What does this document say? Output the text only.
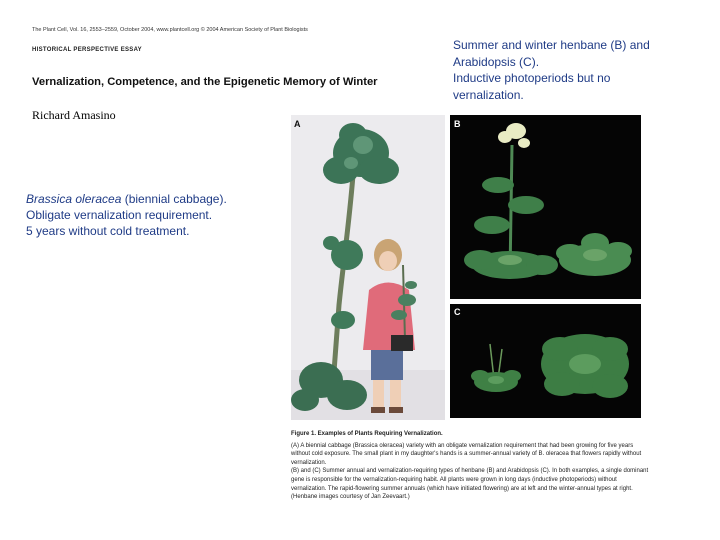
The Plant Cell, Vol. 16, 2553–2559, October 2004, www.plantcell.org © 2004 American Society of Plant Biologists
HISTORICAL PERSPECTIVE ESSAY
Vernalization, Competence, and the Epigenetic Memory of Winter
Richard Amasino
Brassica oleracea (biennial cabbage).
Obligate vernalization requirement.
5 years without cold treatment.
Summer and winter henbane (B) and
Arabidopsis (C).
Inductive photoperiods but no
vernalization.
A	B
C
Figure 1. Examples of Plants Requiring Vernalization.
(A) A biennial cabbage (Brassica oleracea) variety with an obligate vernalization requirement that had been growing for five years without cold exposure. The small plant in my daughter's hands is a summer-annual variety of B. oleracea that flowers rapidly without vernalization.
(B) and (C) Summer annual and vernalization-requiring types of henbane (B) and Arabidopsis (C). In both examples, a single dominant gene is responsible for the vernalization-requiring habit. All plants were grown in long days (inductive photoperiods) without vernalization. The rapid-flowering summer annuals (which have initiated flowering) are at left and the winter-annual types at right. (Henbane images courtesy of Jan Zeevaart.)
